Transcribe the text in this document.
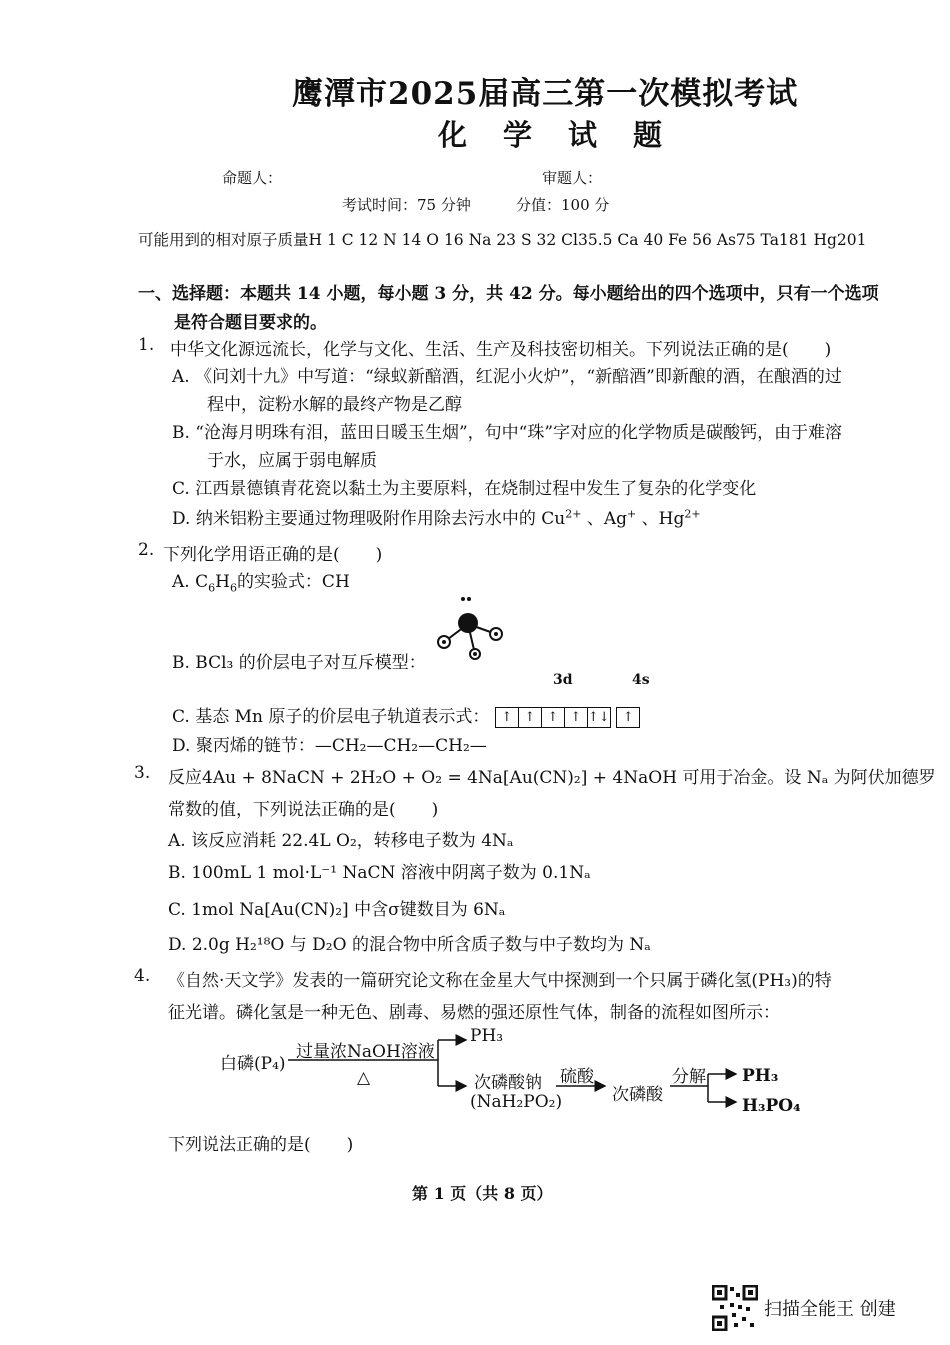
鹰潭市2025届高三第一次模拟考试
化 学 试 题
命题人：	审题人：
考试时间：75 分钟	分值：100 分
可能用到的相对原子质量H 1 C 12 N 14 O 16 Na 23 S 32 Cl35.5 Ca 40 Fe 56 As75 Ta181 Hg201
一、选择题：本题共 14 小题，每小题 3 分，共 42 分。每小题给出的四个选项中，只有一个选项
是符合题目要求的。
1. 中华文化源远流长，化学与文化、生活、生产及科技密切相关。下列说法正确的是( )
A. 《问刘十九》中写道：“绿蚁新醅酒，红泥小火炉”，“新醅酒”即新酿的酒，在酿酒的过
程中，淀粉水解的最终产物是乙醇
B. “沧海月明珠有泪，蓝田日暖玉生烟”，句中“珠”字对应的化学物质是碳酸钙，由于难溶
于水，应属于弱电解质
C. 江西景德镇青花瓷以黏土为主要原料，在烧制过程中发生了复杂的化学变化
D. 纳米铝粉主要通过物理吸附作用除去污水中的 $Cu^{2+}$ 、Ag+ 、$Hg^{2+}$
2. 下列化学用语正确的是( )
A. $C_6H_6$的实验式：CH
B. BCl₃ 的价层电子对互斥模型：
3d	4s
C. 基态 Mn 原子的价层电子轨道表示式： ↑ ↑ ↑ ↑ ↑↓
	↑
D. 聚丙烯的链节：—CH₂—CH₂—CH₂—
3. 反应4Au + 8NaCN + 2H₂O + O₂ = 4Na[Au(CN)₂] + 4NaOH 可用于冶金。设 Nₐ 为阿伏加德罗
常数的值，下列说法正确的是( )
A. 该反应消耗 22.4L O₂，转移电子数为 4Nₐ
B. 100mL 1 mol·L⁻¹ NaCN 溶液中阴离子数为 0.1Nₐ
C. 1mol Na[Au(CN)₂] 中含σ键数目为 6Nₐ
D. 2.0g H₂¹⁸O 与 D₂O 的混合物中所含质子数与中子数均为 Nₐ
4. 《自然·天文学》发表的一篇研究论文称在金星大气中探测到一个只属于磷化氢(PH₃)的特
征光谱。磷化氢是一种无色、剧毒、易燃的强还原性气体，制备的流程如图所示：
白磷(P₄)
过量浓NaOH溶液
△
PH₃
次磷酸钠
(NaH₂PO₂)
硫酸
次磷酸
分解 PH₃
H₃PO₄
下列说法正确的是( )
第 1 页（共 8 页）
扫描全能王 创建
